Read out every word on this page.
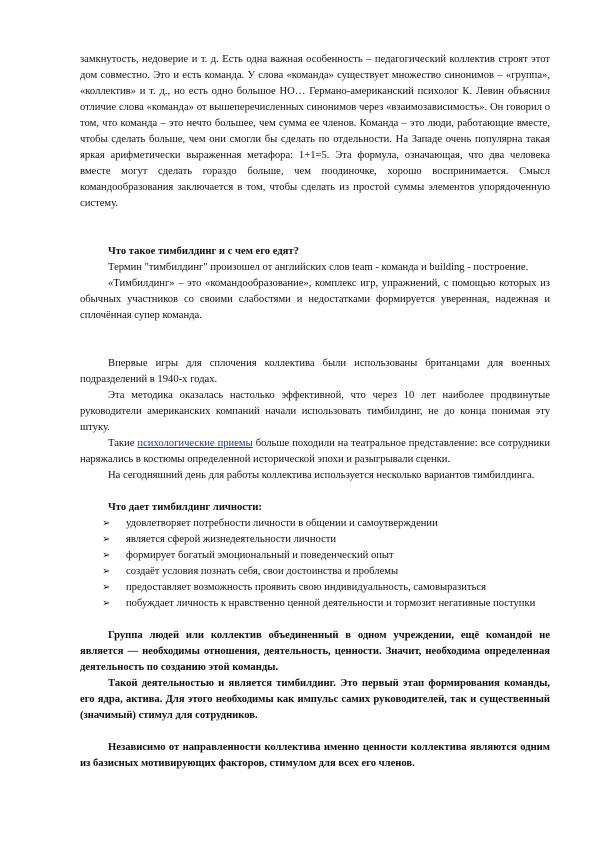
замкнутость, недоверие и т. д. Есть одна важная особенность – педагогический коллектив строят этот дом совместно. Это и есть команда. У слова «команда» существует множество синонимов – «группа», «коллектив» и т. д., но есть одно большое НО… Германо-американский психолог К. Левин объяснил отличие слова «команда» от вышеперечисленных синонимов через «взаимозависимость». Он говорил о том, что команда – это нечто большее, чем сумма ее членов. Команда – это люди, работающие вместе, чтобы сделать больше, чем они смогли бы сделать по отдельности. На Западе очень популярна такая яркая арифметически выраженная метафора: 1+1=5. Эта формула, означающая, что два человека вместе могут сделать гораздо больше, чем поодиночке, хорошо воспринимается. Смысл командообразования заключается в том, чтобы сделать из простой суммы элементов упорядоченную систему.

Что такое тимбилдинг и с чем его едят?

Термин "тимбилдинг" произошел от английских слов team - команда и building - построение.

«Тимбилдинг» – это «командообразование», комплекс игр, упражнений, с помощью которых из обычных участников со своими слабостями и недостатками формируется уверенная, надежная и сплочённая супер команда.

Впервые игры для сплочения коллектива были использованы британцами для военных подразделений в 1940-х годах.

Эта методика оказалась настолько эффективной, что через 10 лет наиболее продвинутые руководители американских компаний начали использовать тимбилдинг, не до конца понимая эту штуку.

Такие психологические приемы больше походили на театральное представление: все сотрудники наряжались в костюмы определенной исторической эпохи и разыгрывали сценки.

На сегодняшний день для работы коллектива используется несколько вариантов тимбилдинга.

Что дает тимбилдинг личности:

➢ удовлетворяет потребности личности в общении и самоутверждении
➢ является сферой жизнедеятельности личности
➢ формирует богатый эмоциональный и поведенческий опыт
➢ создаёт условия познать себя, свои достоинства и проблемы
➢ предоставляет возможность проявить свою индивидуальность, самовыразиться
➢ побуждает личность к нравственно ценной деятельности и тормозит негативные поступки

Группа людей или коллектив объединенный в одном учреждении, ещё командой не является — необходимы отношения, деятельность, ценности. Значит, необходима определенная деятельность по созданию этой команды.

Такой деятельностью и является тимбилдинг. Это первый этап формирования команды, его ядра, актива. Для этого необходимы как импульс самих руководителей, так и существенный (значимый) стимул для сотрудников.

Независимо от направленности коллектива именно ценности коллектива являются одним из базисных мотивирующих факторов, стимулом для всех его членов.
